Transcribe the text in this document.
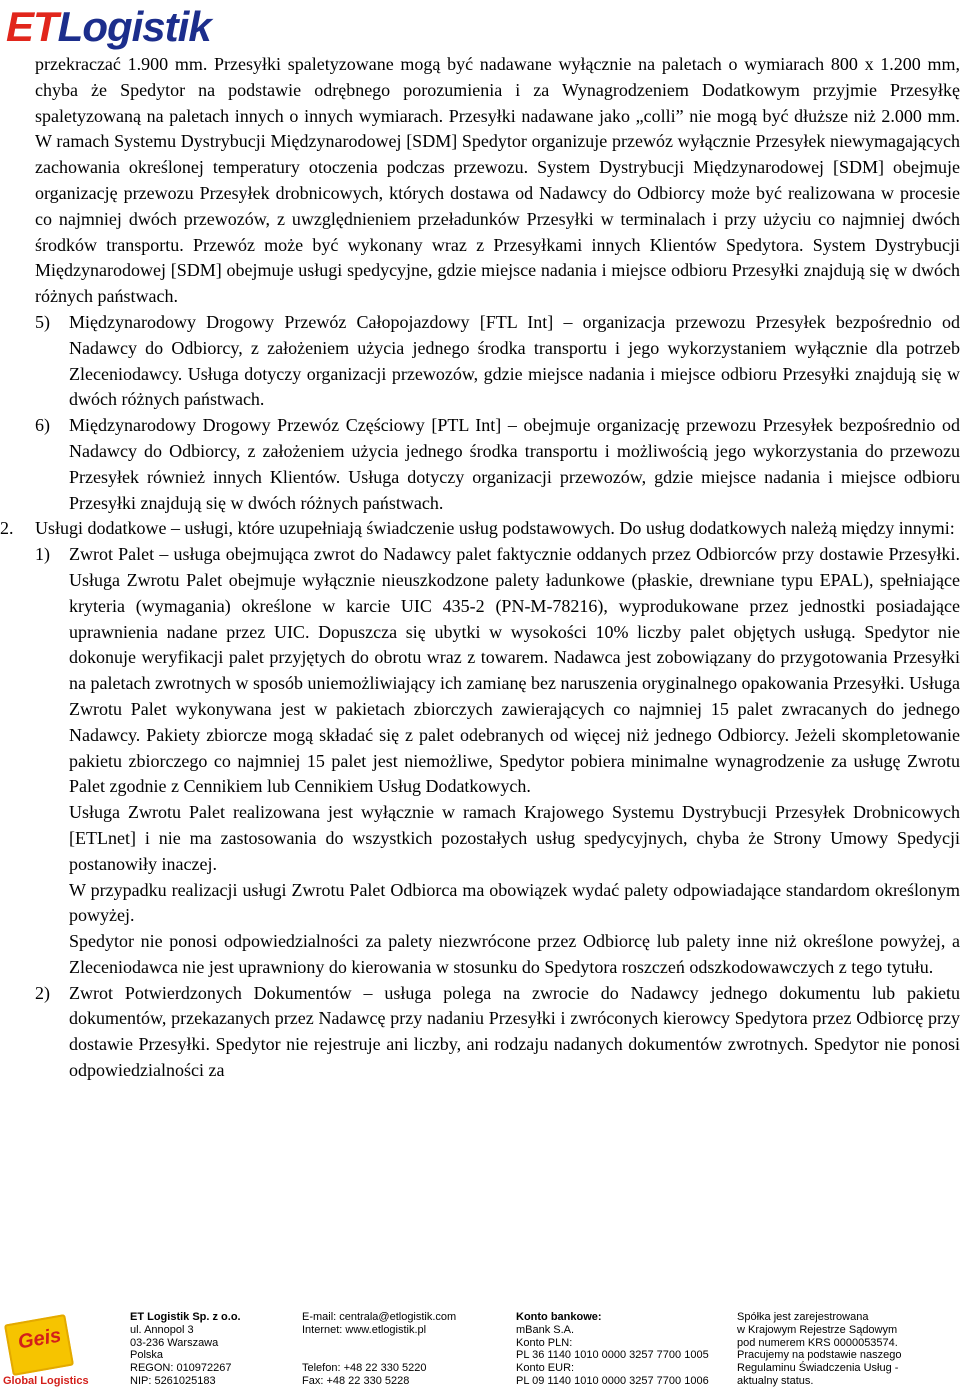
ETLogistik

przekraczać 1.900 mm. Przesyłki spaletyzowane mogą być nadawane wyłącznie na paletach o wymiarach 800 x 1.200 mm, chyba że Spedytor na podstawie odrębnego porozumienia i za Wynagrodzeniem Dodatkowym przyjmie Przesyłkę spaletyzowaną na paletach innych o innych wymiarach. Przesyłki nadawane jako „colli” nie mogą być dłuższe niż 2.000 mm. W ramach Systemu Dystrybucji Międzynarodowej [SDM] Spedytor organizuje przewóz wyłącznie Przesyłek niewymagających zachowania określonej temperatury otoczenia podczas przewozu. System Dystrybucji Międzynarodowej [SDM] obejmuje organizację przewozu Przesyłek drobnicowych, których dostawa od Nadawcy do Odbiorcy może być realizowana w procesie co najmniej dwóch przewozów, z uwzględnieniem przeładunków Przesyłki w terminalach i przy użyciu co najmniej dwóch środków transportu. Przewóz może być wykonany wraz z Przesyłkami innych Klientów Spedytora. System Dystrybucji Międzynarodowej [SDM] obejmuje usługi spedycyjne, gdzie miejsce nadania i miejsce odbioru Przesyłki znajdują się w dwóch różnych państwach.

5) Międzynarodowy Drogowy Przewóz Całopojazdowy [FTL Int] – organizacja przewozu Przesyłek bezpośrednio od Nadawcy do Odbiorcy, z założeniem użycia jednego środka transportu i jego wykorzystaniem wyłącznie dla potrzeb Zleceniodawcy. Usługa dotyczy organizacji przewozów, gdzie miejsce nadania i miejsce odbioru Przesyłki znajdują się w dwóch różnych państwach.

6) Międzynarodowy Drogowy Przewóz Częściowy [PTL Int] – obejmuje organizację przewozu Przesyłek bezpośrednio od Nadawcy do Odbiorcy, z założeniem użycia jednego środka transportu i możliwością jego wykorzystania do przewozu Przesyłek również innych Klientów. Usługa dotyczy organizacji przewozów, gdzie miejsce nadania i miejsce odbioru Przesyłki znajdują się w dwóch różnych państwach.

2. Usługi dodatkowe – usługi, które uzupełniają świadczenie usług podstawowych. Do usług dodatkowych należą między innymi:

1) Zwrot Palet – usługa obejmująca zwrot do Nadawcy palet faktycznie oddanych przez Odbiorców przy dostawie Przesyłki. Usługa Zwrotu Palet obejmuje wyłącznie nieuszkodzone palety ładunkowe (płaskie, drewniane typu EPAL), spełniające kryteria (wymagania) określone w karcie UIC 435-2 (PN-M-78216), wyprodukowane przez jednostki posiadające uprawnienia nadane przez UIC. Dopuszcza się ubytki w wysokości 10% liczby palet objętych usługą. Spedytor nie dokonuje weryfikacji palet przyjętych do obrotu wraz z towarem. Nadawca jest zobowiązany do przygotowania Przesyłki na paletach zwrotnych w sposób uniemożliwiający ich zamianę bez naruszenia oryginalnego opakowania Przesyłki. Usługa Zwrotu Palet wykonywana jest w pakietach zbiorczych zawierających co najmniej 15 palet zwracanych do jednego Nadawcy. Pakiety zbiorcze mogą składać się z palet odebranych od więcej niż jednego Odbiorcy. Jeżeli skompletowanie pakietu zbiorczego co najmniej 15 palet jest niemożliwe, Spedytor pobiera minimalne wynagrodzenie za usługę Zwrotu Palet zgodnie z Cennikiem lub Cennikiem Usług Dodatkowych.

Usługa Zwrotu Palet realizowana jest wyłącznie w ramach Krajowego Systemu Dystrybucji Przesyłek Drobnicowych [ETLnet] i nie ma zastosowania do wszystkich pozostałych usług spedycyjnych, chyba że Strony Umowy Spedycji postanowiły inaczej.

W przypadku realizacji usługi Zwrotu Palet Odbiorca ma obowiązek wydać palety odpowiadające standardom określonym powyżej.

Spedytor nie ponosi odpowiedzialności za palety niezwrócone przez Odbiorcę lub palety inne niż określone powyżej, a Zleceniodawca nie jest uprawniony do kierowania w stosunku do Spedytora roszczeń odszkodowawczych z tego tytułu.

2) Zwrot Potwierdzonych Dokumentów – usługa polega na zwrocie do Nadawcy jednego dokumentu lub pakietu dokumentów, przekazanych przez Nadawcę przy nadaniu Przesyłki i zwróconych kierowcy Spedytora przez Odbiorcę przy dostawie Przesyłki. Spedytor nie rejestruje ani liczby, ani rodzaju nadanych dokumentów zwrotnych. Spedytor nie ponosi odpowiedzialności za

Geis
Global Logistics
ET Logistik Sp. z o.o.
ul. Annopol 3
03-236 Warszawa
Polska
REGON: 010972267
NIP: 5261025183
E-mail: centrala@etlogistik.com
Internet: www.etlogistik.pl

Telefon: +48 22 330 5220
Fax: +48 22 330 5228
Konto bankowe:
mBank S.A.
Konto PLN:
PL 36 1140 1010 0000 3257 7700 1005
Konto EUR:
PL 09 1140 1010 0000 3257 7700 1006
Spółka jest zarejestrowana
w Krajowym Rejestrze Sądowym
pod numerem KRS 0000053574.
Pracujemy na podstawie naszego
Regulaminu Świadczenia Usług -
aktualny status.
